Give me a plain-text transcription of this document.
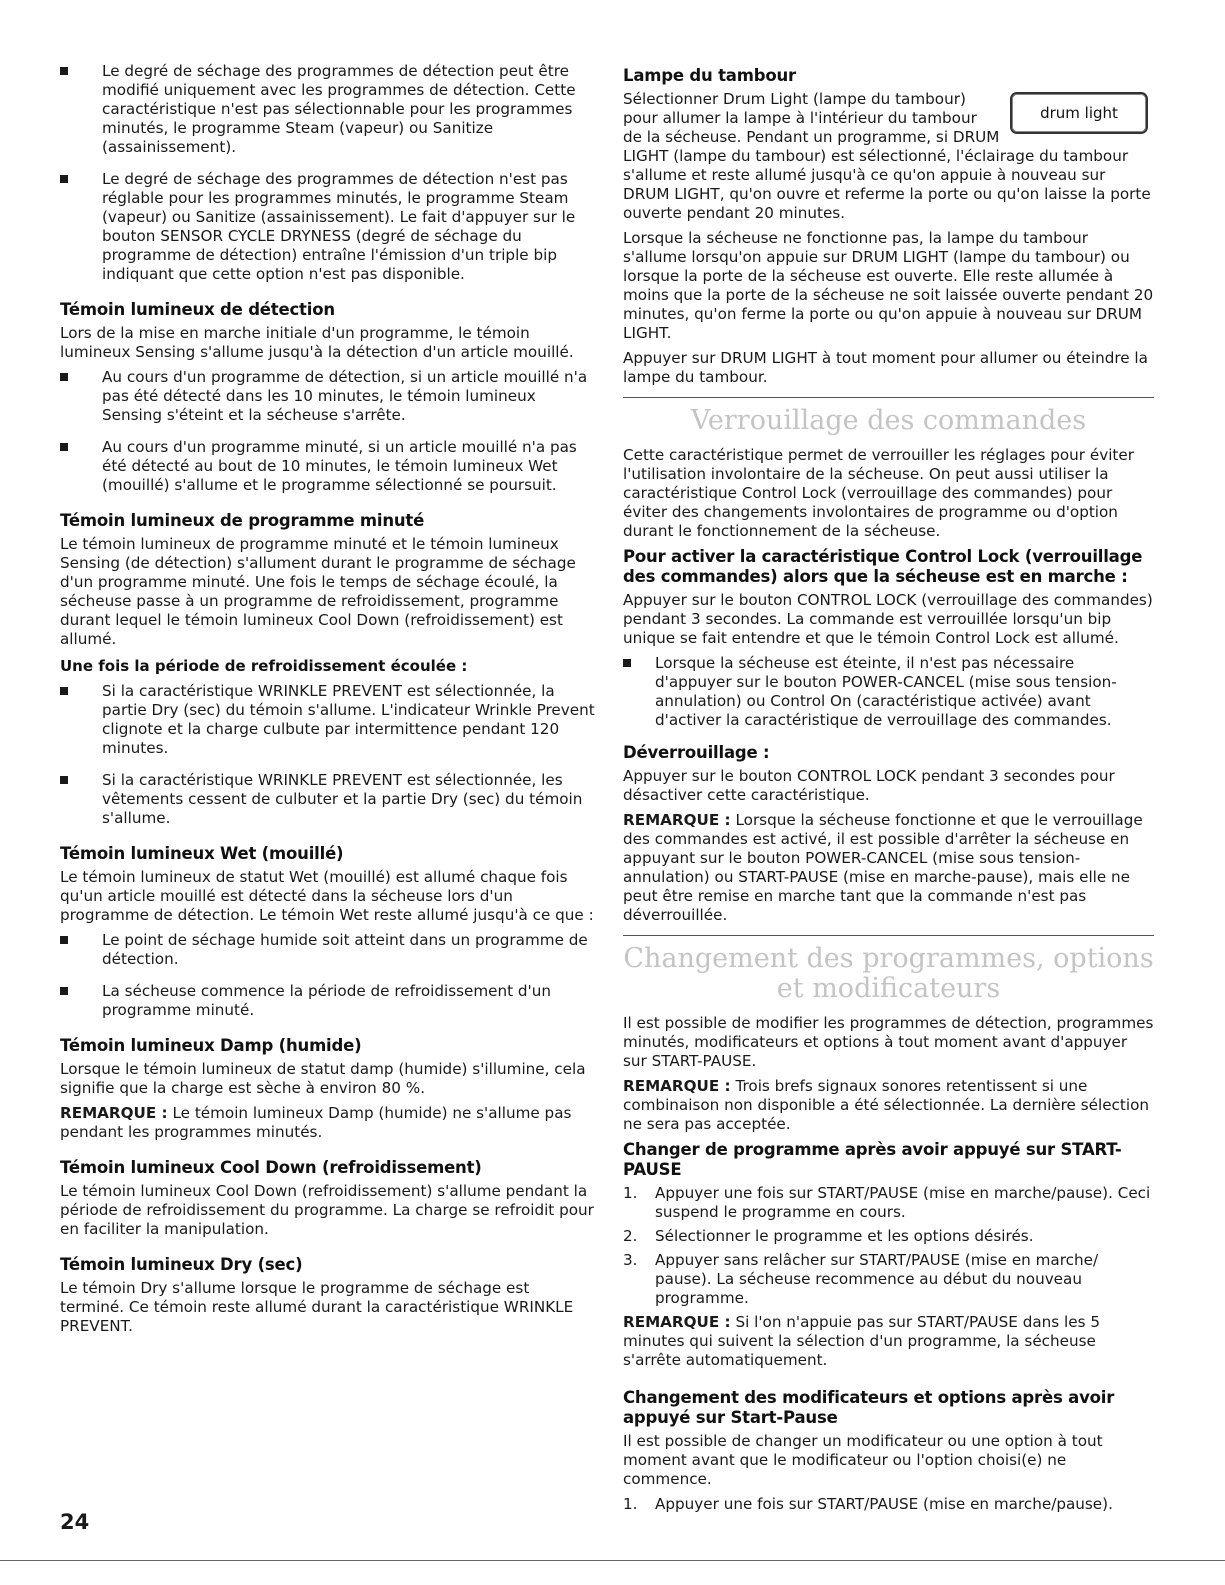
Le degré de séchage des programmes de détection peut être modifié uniquement avec les programmes de détection. Cette caractéristique n'est pas sélectionnable pour les programmes minutés, le programme Steam (vapeur) ou Sanitize (assainissement).
Le degré de séchage des programmes de détection n'est pas réglable pour les programmes minutés, le programme Steam (vapeur) ou Sanitize (assainissement). Le fait d'appuyer sur le bouton SENSOR CYCLE DRYNESS (degré de séchage du programme de détection) entraîne l'émission d'un triple bip indiquant que cette option n'est pas disponible.
Témoin lumineux de détection

Lors de la mise en marche initiale d'un programme, le témoin lumineux Sensing s'allume jusqu'à la détection d'un article mouillé.

Au cours d'un programme de détection, si un article mouillé n'a pas été détecté dans les 10 minutes, le témoin lumineux Sensing s'éteint et la sécheuse s'arrête.
Au cours d'un programme minuté, si un article mouillé n'a pas été détecté au bout de 10 minutes, le témoin lumineux Wet (mouillé) s'allume et le programme sélectionné se poursuit.
Témoin lumineux de programme minuté

Le témoin lumineux de programme minuté et le témoin lumineux Sensing (de détection) s'allument durant le programme de séchage d'un programme minuté. Une fois le temps de séchage écoulé, la sécheuse passe à un programme de refroidissement, programme durant lequel le témoin lumineux Cool Down (refroidissement) est allumé.

Une fois la période de refroidissement écoulée :
Si la caractéristique WRINKLE PREVENT est sélectionnée, la partie Dry (sec) du témoin s'allume. L'indicateur Wrinkle Prevent clignote et la charge culbute par intermittence pendant 120 minutes.
Si la caractéristique WRINKLE PREVENT est sélectionnée, les vêtements cessent de culbuter et la partie Dry (sec) du témoin s'allume.
Témoin lumineux Wet (mouillé)

Le témoin lumineux de statut Wet (mouillé) est allumé chaque fois qu'un article mouillé est détecté dans la sécheuse lors d'un programme de détection. Le témoin Wet reste allumé jusqu'à ce que :

Le point de séchage humide soit atteint dans un programme de détection.
La sécheuse commence la période de refroidissement d'un programme minuté.
Témoin lumineux Damp (humide)

Lorsque le témoin lumineux de statut damp (humide) s'illumine, cela signifie que la charge est sèche à environ 80 %.

REMARQUE : Le témoin lumineux Damp (humide) ne s'allume pas pendant les programmes minutés.

Témoin lumineux Cool Down (refroidissement)

Le témoin lumineux Cool Down (refroidissement) s'allume pendant la période de refroidissement du programme. La charge se refroidit pour en faciliter la manipulation.

Témoin lumineux Dry (sec)

Le témoin Dry s'allume lorsque le programme de séchage est terminé. Ce témoin reste allumé durant la caractéristique WRINKLE PREVENT.

Lampe du tambour
drum light

Sélectionner Drum Light (lampe du tambour) pour allumer la lampe à l'intérieur du tambour de la sécheuse. Pendant un programme, si DRUM LIGHT (lampe du tambour) est sélectionné, l'éclairage du tambour s'allume et reste allumé jusqu'à ce qu'on appuie à nouveau sur DRUM LIGHT, qu'on ouvre et referme la porte ou qu'on laisse la porte ouverte pendant 20 minutes.

Lorsque la sécheuse ne fonctionne pas, la lampe du tambour s'allume lorsqu'on appuie sur DRUM LIGHT (lampe du tambour) ou lorsque la porte de la sécheuse est ouverte. Elle reste allumée à moins que la porte de la sécheuse ne soit laissée ouverte pendant 20 minutes, qu'on ferme la porte ou qu'on appuie à nouveau sur DRUM LIGHT.

Appuyer sur DRUM LIGHT à tout moment pour allumer ou éteindre la lampe du tambour.

Verrouillage des commandes

Cette caractéristique permet de verrouiller les réglages pour éviter l'utilisation involontaire de la sécheuse. On peut aussi utiliser la caractéristique Control Lock (verrouillage des commandes) pour éviter des changements involontaires de programme ou d'option durant le fonctionnement de la sécheuse.

Pour activer la caractéristique Control Lock (verrouillage des commandes) alors que la sécheuse est en marche :

Appuyer sur le bouton CONTROL LOCK (verrouillage des commandes) pendant 3 secondes. La commande est verrouillée lorsqu'un bip unique se fait entendre et que le témoin Control Lock est allumé.

Lorsque la sécheuse est éteinte, il n'est pas nécessaire d'appuyer sur le bouton POWER-CANCEL (mise sous tension-annulation) ou Control On (caractéristique activée) avant d'activer la caractéristique de verrouillage des commandes.
Déverrouillage :

Appuyer sur le bouton CONTROL LOCK pendant 3 secondes pour désactiver cette caractéristique.

REMARQUE : Lorsque la sécheuse fonctionne et que le verrouillage des commandes est activé, il est possible d'arrêter la sécheuse en appuyant sur le bouton POWER-CANCEL (mise sous tension-annulation) ou START-PAUSE (mise en marche-pause), mais elle ne peut être remise en marche tant que la commande n'est pas déverrouillée.

Changement des programmes, options et modificateurs

Il est possible de modifier les programmes de détection, programmes minutés, modificateurs et options à tout moment avant d'appuyer sur START-PAUSE.

REMARQUE : Trois brefs signaux sonores retentissent si une combinaison non disponible a été sélectionnée. La dernière sélection ne sera pas acceptée.

Changer de programme après avoir appuyé sur START-PAUSE
1. Appuyer une fois sur START/PAUSE (mise en marche/pause). Ceci suspend le programme en cours.
2. Sélectionner le programme et les options désirés.
3. Appuyer sans relâcher sur START/PAUSE (mise en marche/ pause). La sécheuse recommence au début du nouveau programme.

REMARQUE : Si l'on n'appuie pas sur START/PAUSE dans les 5 minutes qui suivent la sélection d'un programme, la sécheuse s'arrête automatiquement.

Changement des modificateurs et options après avoir appuyé sur Start-Pause

Il est possible de changer un modificateur ou une option à tout moment avant que le modificateur ou l'option choisi(e) ne commence.

1. Appuyer une fois sur START/PAUSE (mise en marche/pause).
24
